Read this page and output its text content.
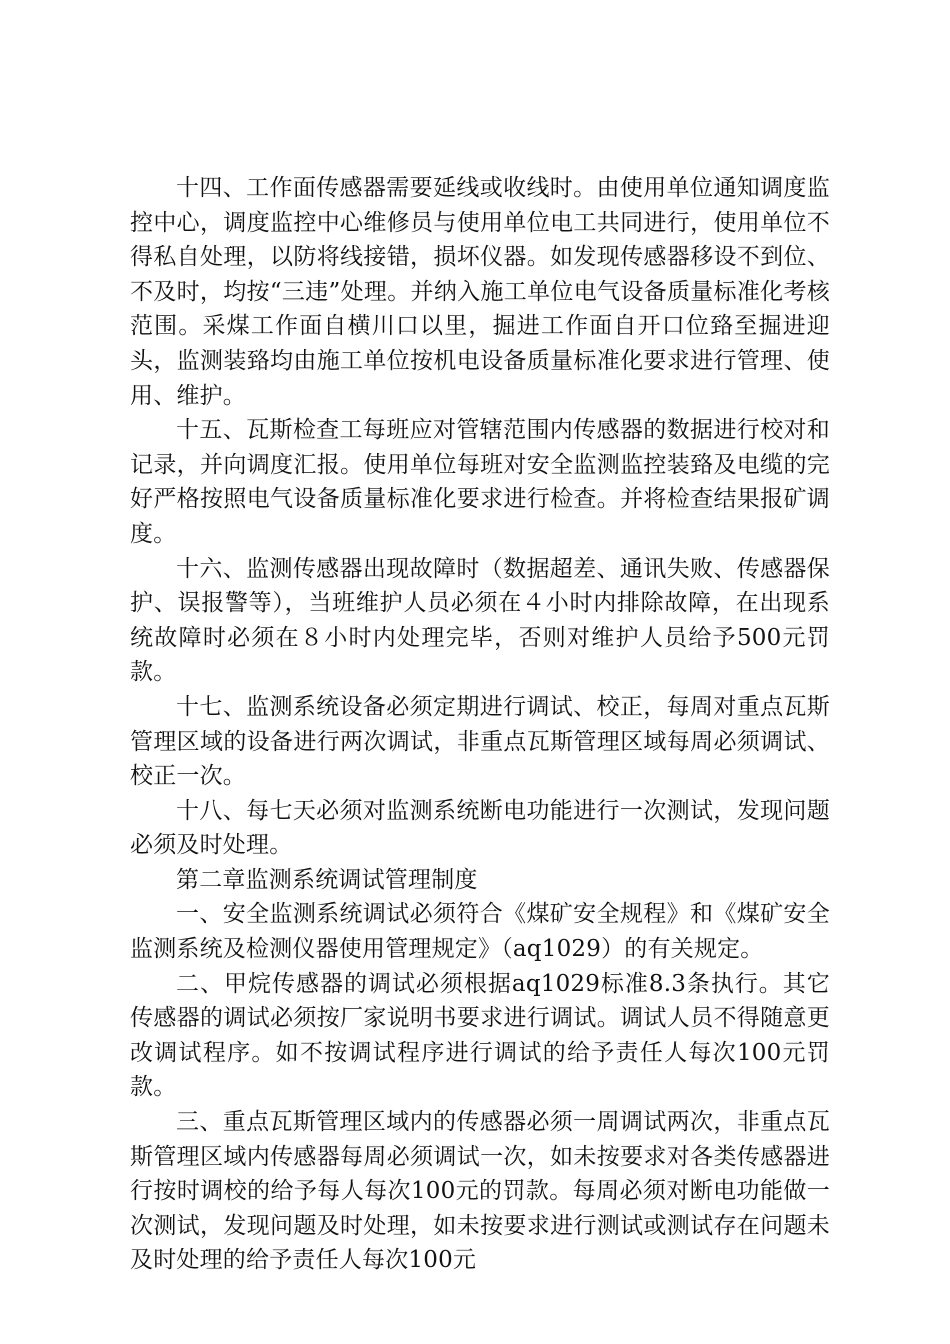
十四、工作面传感器需要延线或收线时。由使用单位通知调度监控中心，调度监控中心维修员与使用单位电工共同进行，使用单位不得私自处理，以防将线接错，损坏仪器。如发现传感器移设不到位、不及时，均按“三违”处理。并纳入施工单位电气设备质量标准化考核范围。采煤工作面自横川口以里，掘进工作面自开口位臵至掘进迎头，监测装臵均由施工单位按机电设备质量标准化要求进行管理、使用、维护。

十五、瓦斯检查工每班应对管辖范围内传感器的数据进行校对和记录，并向调度汇报。使用单位每班对安全监测监控装臵及电缆的完好严格按照电气设备质量标准化要求进行检查。并将检查结果报矿调度。

十六、监测传感器出现故障时（数据超差、通讯失败、传感器保护、误报警等），当班维护人员必须在４小时内排除故障，在出现系统故障时必须在８小时内处理完毕，否则对维护人员给予500元罚款。

十七、监测系统设备必须定期进行调试、校正，每周对重点瓦斯管理区域的设备进行两次调试，非重点瓦斯管理区域每周必须调试、校正一次。

十八、每七天必须对监测系统断电功能进行一次测试，发现问题必须及时处理。

第二章监测系统调试管理制度

一、安全监测系统调试必须符合《煤矿安全规程》和《煤矿安全监测系统及检测仪器使用管理规定》（aq1029）的有关规定。

二、甲烷传感器的调试必须根据aq1029标准8.3条执行。其它传感器的调试必须按厂家说明书要求进行调试。调试人员不得随意更改调试程序。如不按调试程序进行调试的给予责任人每次100元罚款。

三、重点瓦斯管理区域内的传感器必须一周调试两次，非重点瓦斯管理区域内传感器每周必须调试一次，如未按要求对各类传感器进行按时调校的给予每人每次100元的罚款。每周必须对断电功能做一次测试，发现问题及时处理，如未按要求进行测试或测试存在问题未及时处理的给予责任人每次100元
